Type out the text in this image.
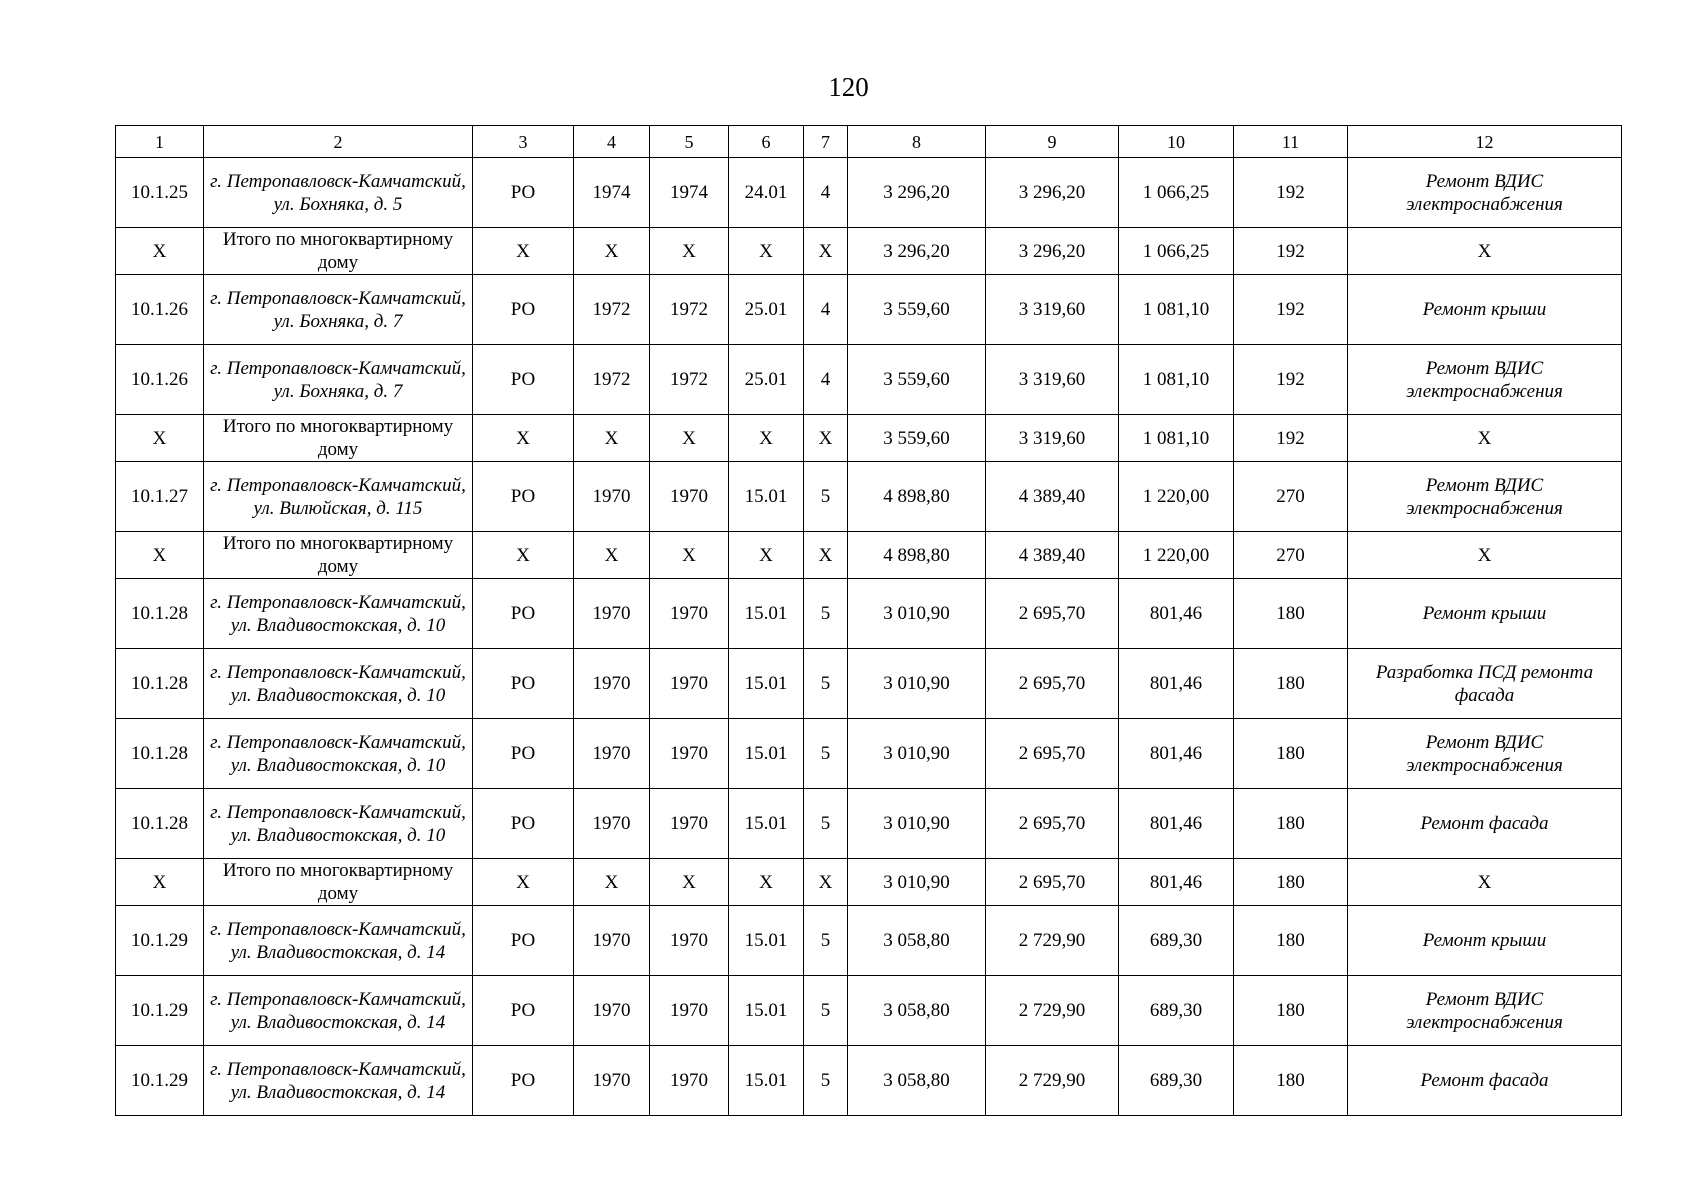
120
1	2	3	4	5	6	7	8	9	10	11	12
10.1.25	г. Петропавловск-Камчатский, ул. Бохняка, д. 5	РО	1974	1974	24.01	4	3 296,20	3 296,20	1 066,25	192	Ремонт ВДИС электроснабжения
Х	Итого по многоквартирному дому	Х	Х	Х	Х	Х	3 296,20	3 296,20	1 066,25	192	Х
10.1.26	г. Петропавловск-Камчатский, ул. Бохняка, д. 7	РО	1972	1972	25.01	4	3 559,60	3 319,60	1 081,10	192	Ремонт крыши
10.1.26	г. Петропавловск-Камчатский, ул. Бохняка, д. 7	РО	1972	1972	25.01	4	3 559,60	3 319,60	1 081,10	192	Ремонт ВДИС электроснабжения
Х	Итого по многоквартирному дому	Х	Х	Х	Х	Х	3 559,60	3 319,60	1 081,10	192	Х
10.1.27	г. Петропавловск-Камчатский, ул. Вилюйская, д. 115	РО	1970	1970	15.01	5	4 898,80	4 389,40	1 220,00	270	Ремонт ВДИС электроснабжения
Х	Итого по многоквартирному дому	Х	Х	Х	Х	Х	4 898,80	4 389,40	1 220,00	270	Х
10.1.28	г. Петропавловск-Камчатский, ул. Владивостокская, д. 10	РО	1970	1970	15.01	5	3 010,90	2 695,70	801,46	180	Ремонт крыши
10.1.28	г. Петропавловск-Камчатский, ул. Владивостокская, д. 10	РО	1970	1970	15.01	5	3 010,90	2 695,70	801,46	180	Разработка ПСД ремонта фасада
10.1.28	г. Петропавловск-Камчатский, ул. Владивостокская, д. 10	РО	1970	1970	15.01	5	3 010,90	2 695,70	801,46	180	Ремонт ВДИС электроснабжения
10.1.28	г. Петропавловск-Камчатский, ул. Владивостокская, д. 10	РО	1970	1970	15.01	5	3 010,90	2 695,70	801,46	180	Ремонт фасада
Х	Итого по многоквартирному дому	Х	Х	Х	Х	Х	3 010,90	2 695,70	801,46	180	Х
10.1.29	г. Петропавловск-Камчатский, ул. Владивостокская, д. 14	РО	1970	1970	15.01	5	3 058,80	2 729,90	689,30	180	Ремонт крыши
10.1.29	г. Петропавловск-Камчатский, ул. Владивостокская, д. 14	РО	1970	1970	15.01	5	3 058,80	2 729,90	689,30	180	Ремонт ВДИС электроснабжения
10.1.29	г. Петропавловск-Камчатский, ул. Владивостокская, д. 14	РО	1970	1970	15.01	5	3 058,80	2 729,90	689,30	180	Ремонт фасада
